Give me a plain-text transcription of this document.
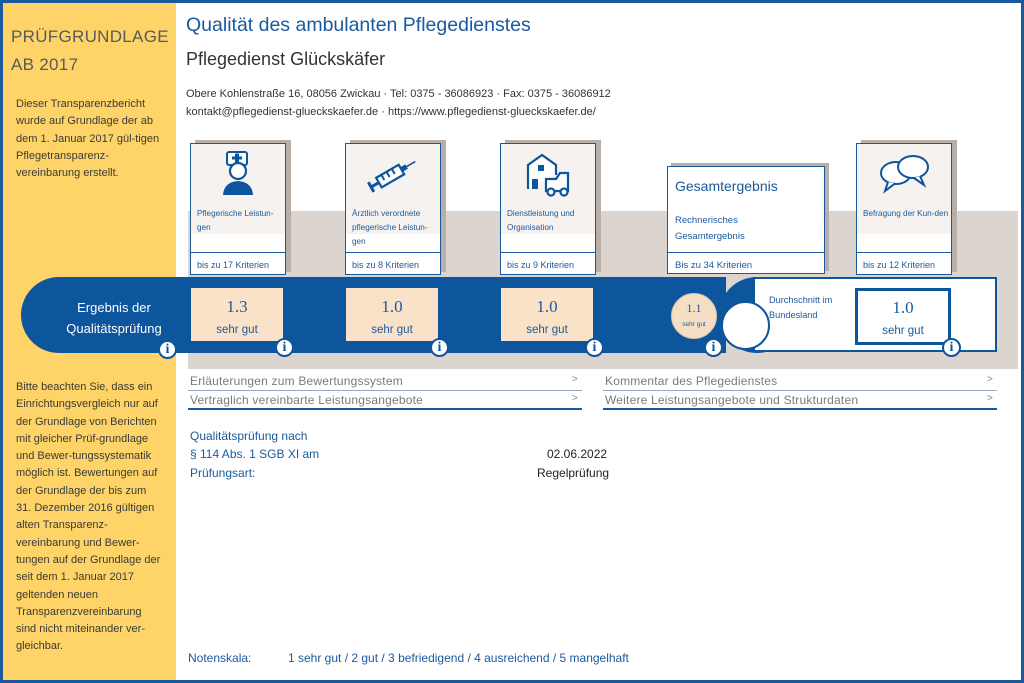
PRÜFGRUNDLAGE
AB 2017
Dieser Transparenzbericht wurde auf Grundlage der ab dem 1. Januar 2017 gül-tigen Pflegetransparenz-vereinbarung erstellt.
Bitte beachten Sie, dass ein Einrichtungsvergleich nur auf der Grundlage von Berichten mit gleicher Prüf-grundlage und Bewer-tungssystematik möglich ist. Bewertungen auf der Grundlage der bis zum 31. Dezember 2016 gültigen alten Transparenz-vereinbarung und Bewer-tungen auf der Grundlage der seit dem 1. Januar 2017 geltenden neuen Transparenzvereinbarung sind nicht miteinander ver-gleichbar.
Qualität des ambulanten Pflegedienstes
Pflegedienst Glückskäfer
Obere Kohlenstraße 16, 08056 Zwickau · Tel: 0375 - 36086923 · Fax: 0375 - 36086912
kontakt@pflegedienst-glueckskaefer.de · https://www.pflegedienst-glueckskaefer.de/
Pflegerische Leistun-gen
bis zu 17 Kriterien
Ärztlich verordnete pflegerische Leistun-gen
bis zu 8 Kriterien
Dienstleistung und Organisation
bis zu 9 Kriterien
Gesamtergebnis
Rechnerisches Gesamtergebnis
Bis zu 34 Kriterien
Befragung der Kun-den
bis zu 12 Kriterien
Ergebnis der Qualitätsprüfung
1.3
sehr gut
1.0
sehr gut
1.0
sehr gut
1.1
sehr gut
Durchschnitt im Bundesland	1.0
sehr gut
i	i	i	i	i	i
Erläuterungen zum Bewertungssystem	> Kommentar des Pflegedienstes	>
Vertraglich vereinbarte Leistungsangebote	> Weitere Leistungsangebote und Strukturdaten	>
Qualitätsprüfung nach
§ 114 Abs. 1 SGB XI am	02.06.2022
Prüfungsart:	Regelprüfung
Notenskala:	1 sehr gut / 2 gut / 3 befriedigend / 4 ausreichend / 5 mangelhaft
